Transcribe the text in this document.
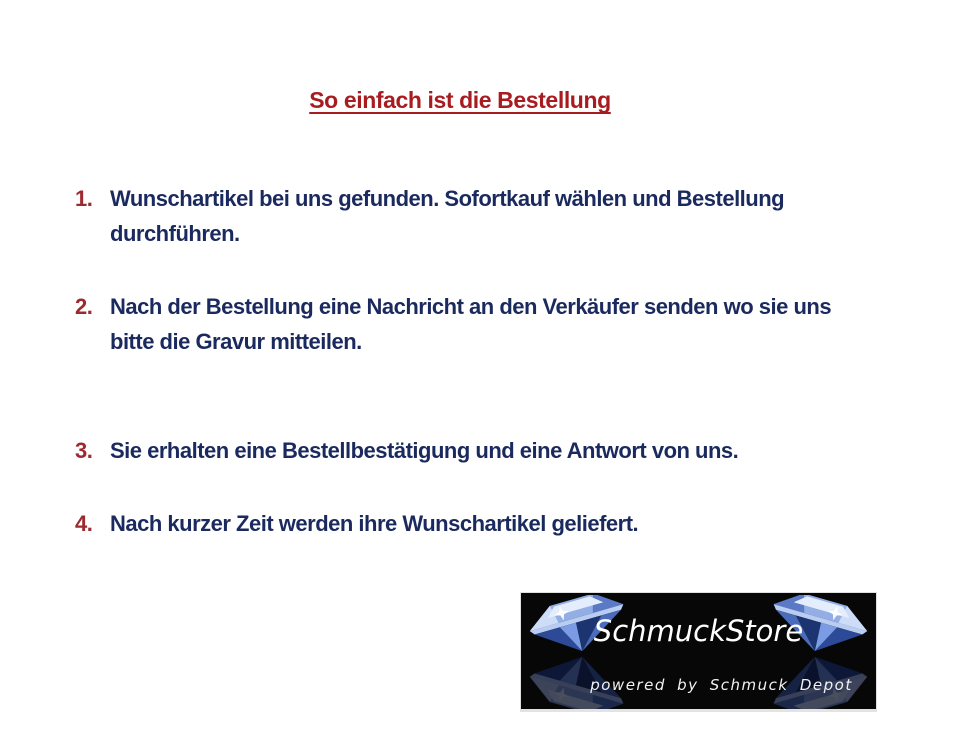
So einfach ist die Bestellung
1. Wunschartikel bei uns gefunden. Sofortkauf wählen und Bestellung
durchführen.
2. Nach der Bestellung eine Nachricht an den Verkäufer senden wo sie uns
bitte die Gravur mitteilen.
3. Sie erhalten eine Bestellbestätigung und eine Antwort von uns.
4. Nach kurzer Zeit werden ihre Wunschartikel geliefert.
SchmuckStore
powered by Schmuck Depot
